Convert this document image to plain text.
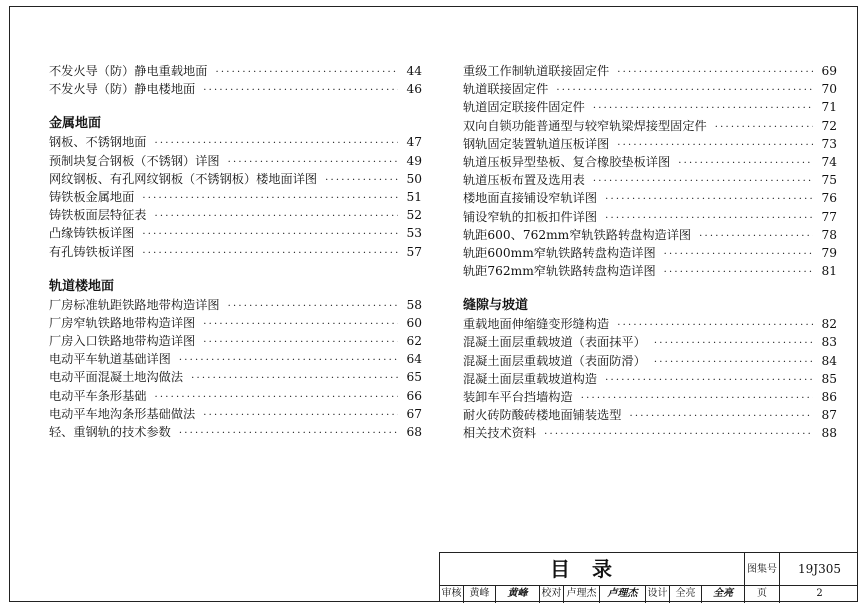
不发火导（防）静电重载地面 ·····	44
不发火导（防）静电楼地面 ·····	46
金属地面
钢板、不锈钢地面 ·····	47
预制块复合钢板（不锈钢）详图 ·····	49
网纹钢板、有孔网纹钢板（不锈钢板）楼地面详图 ·····	50
铸铁板金属地面 ·····	51
铸铁板面层特征表 ·····	52
凸缘铸铁板详图 ·····	53
有孔铸铁板详图 ·····	57
轨道楼地面
厂房标准轨距铁路地带构造详图 ·····	58
厂房窄轨铁路地带构造详图 ·····	60
厂房入口铁路地带构造详图 ·····	62
电动平车轨道基础详图 ·····	64
电动平面混凝土地沟做法 ·····	65
电动平车条形基础 ·····	66
电动平车地沟条形基础做法 ·····	67
轻、重钢轨的技术参数 ·····	68
重级工作制轨道联接固定件 ·····	69
轨道联接固定件 ·····	70
轨道固定联接件固定件 ·····	71
双向自锁功能普通型与较窄轨梁焊接型固定件 ·····	72
钢轨固定装置轨道压板详图 ·····	73
轨道压板异型垫板、复合橡胶垫板详图 ·····	74
轨道压板布置及选用表 ·····	75
楼地面直接铺设窄轨详图 ·····	76
铺设窄轨的扣板扣件详图 ·····	77
轨距600、762mm窄轨铁路转盘构造详图 ·····	78
轨距600mm窄轨铁路转盘构造详图 ·····	79
轨距762mm窄轨铁路转盘构造详图 ·····	81
缝隙与坡道
重载地面伸缩缝变形缝构造 ·····	82
混凝土面层重载坡道（表面抹平） ·····	83
混凝土面层重载坡道（表面防滑） ·····	84
混凝土面层重载坡道构造 ·····	85
装卸车平台挡墙构造 ·····	86
耐火砖防酸砖楼地面铺装选型 ·····	87
相关技术资料 ·····	88
目录	图集号	19J305
审核 黄峰	黄峰	校对 卢理杰	卢理杰	设计 全亮	全亮	页	2
